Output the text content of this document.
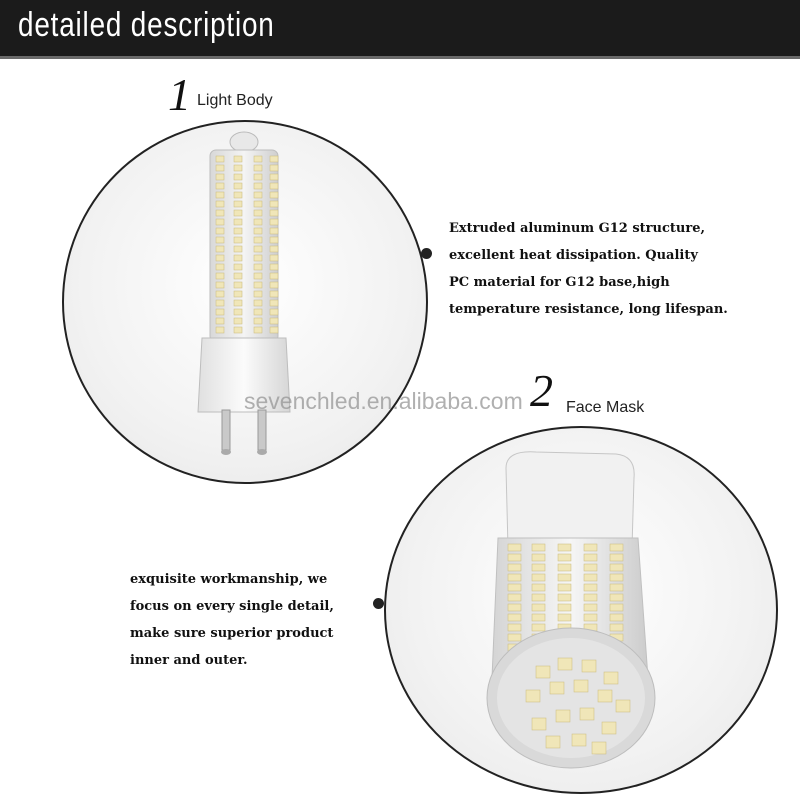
detailed description
1 Light Body
Extruded aluminum G12 structure,
excellent heat dissipation. Quality
PC material for G12 base,high
temperature resistance, long lifespan.
sevenchled.en.alibaba.com 2 Face Mask
exquisite workmanship, we
focus on every single detail,
make sure superior product
inner and outer.
